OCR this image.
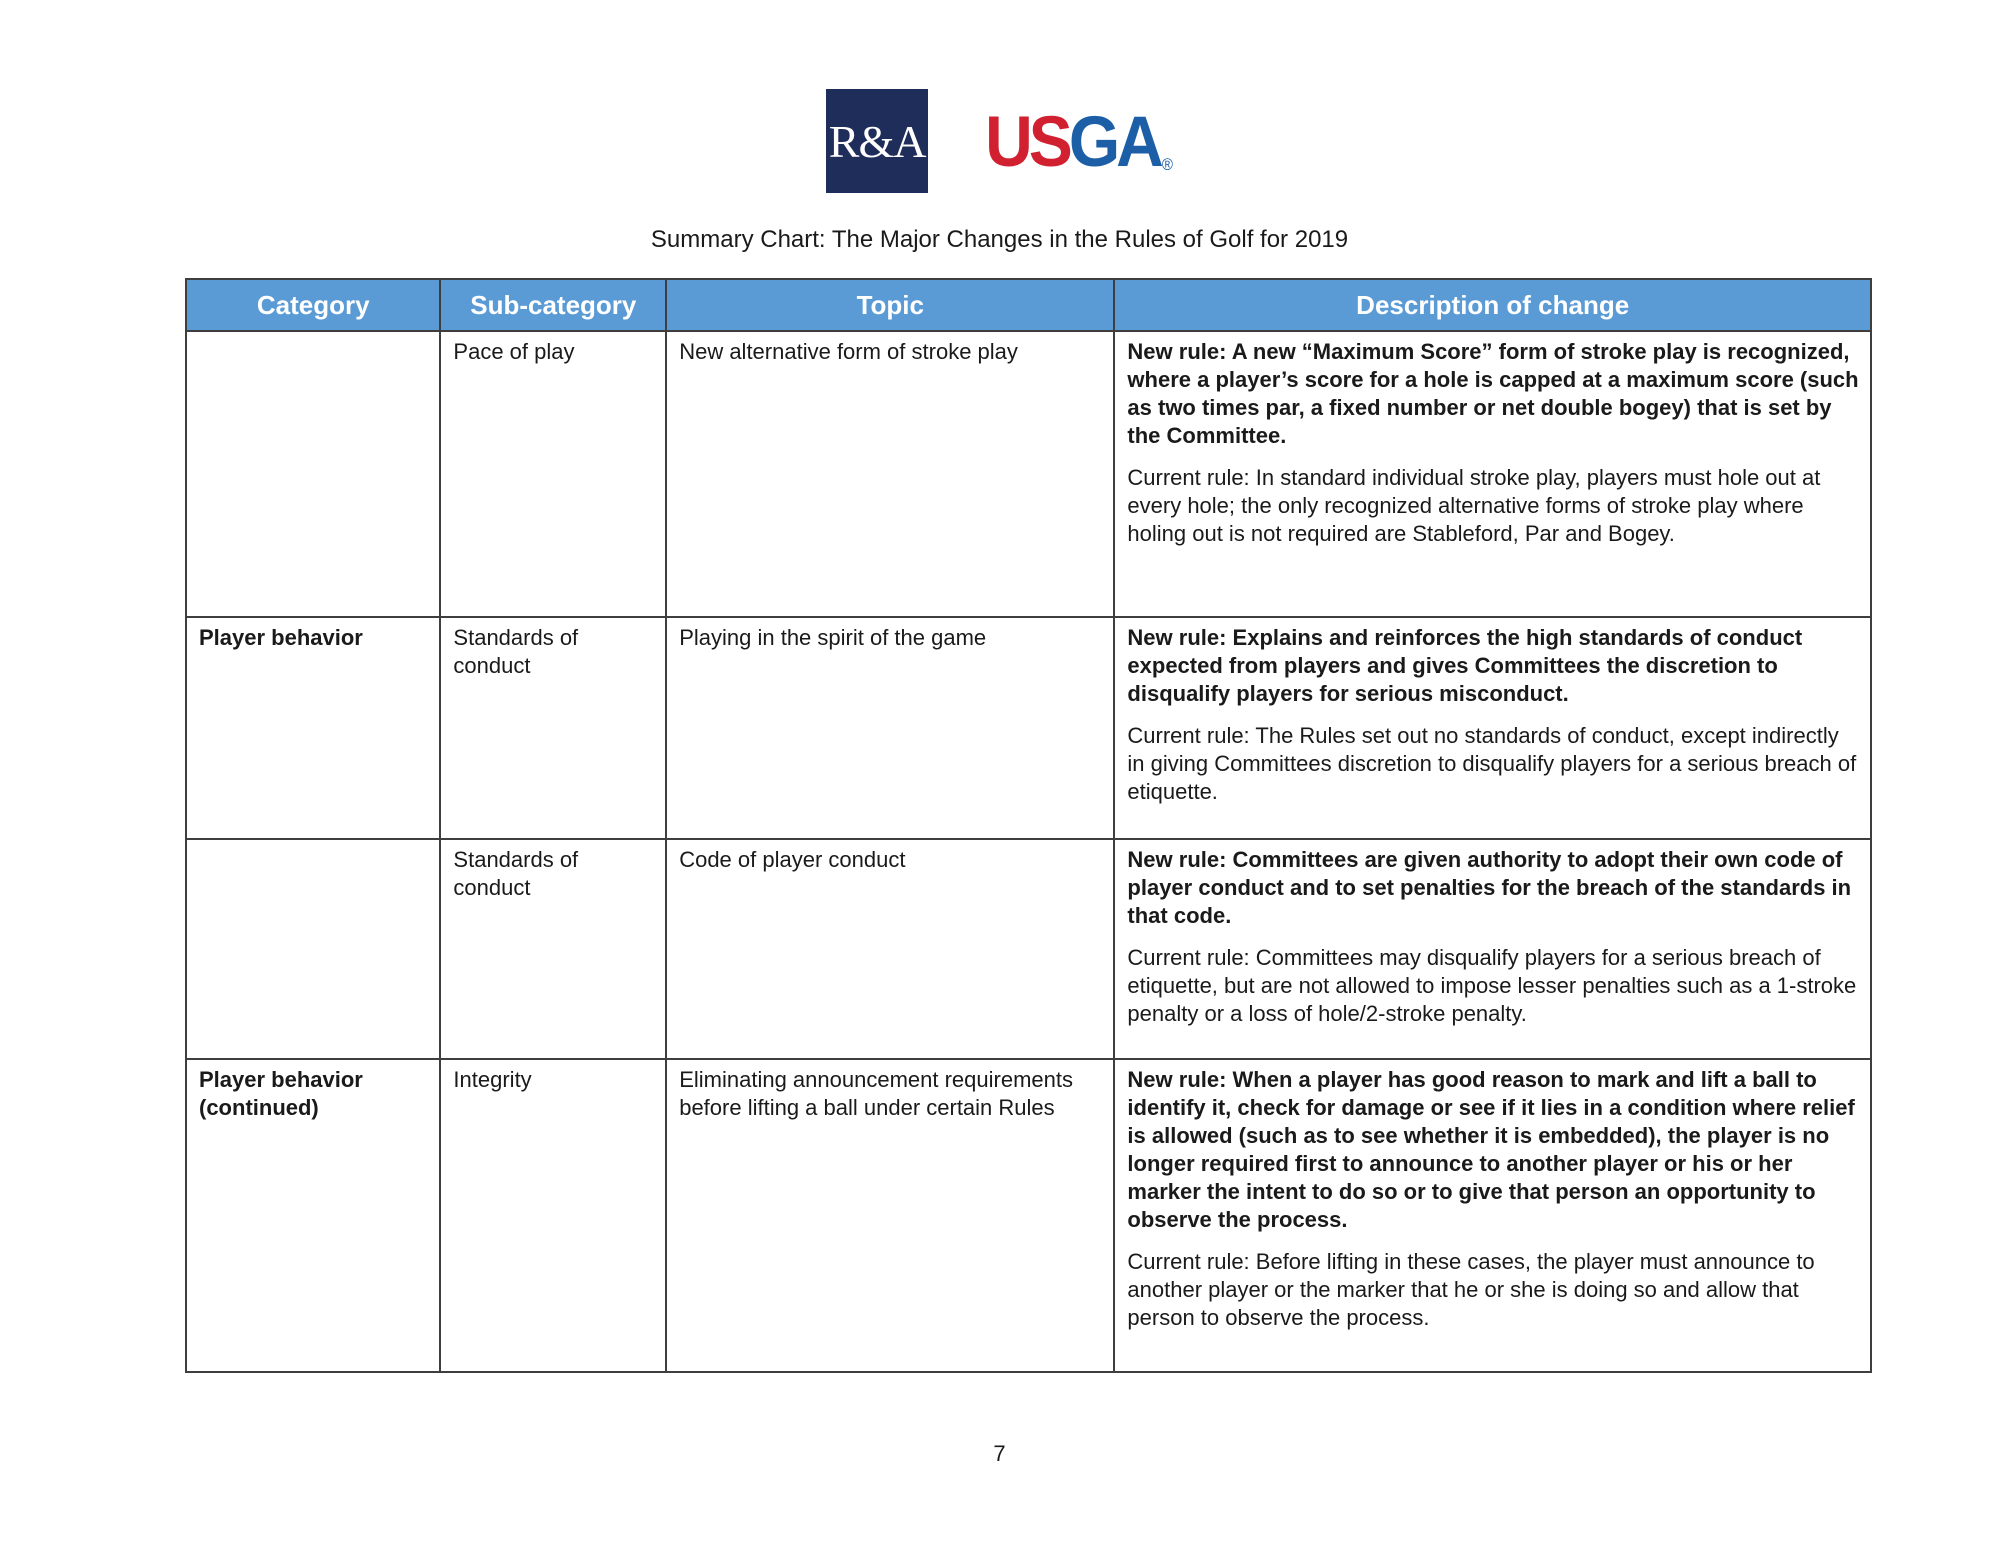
R&A USGA ®
Summary Chart: The Major Changes in the Rules of Golf for 2019
Category	Sub-category	Topic	Description of change
	Pace of play	New alternative form of stroke play	New rule: A new “Maximum Score” form of stroke play is recognized, where a player’s score for a hole is capped at a maximum score (such as two times par, a fixed number or net double bogey) that is set by the Committee.
Current rule: In standard individual stroke play, players must hole out at every hole; the only recognized alternative forms of stroke play where holing out is not required are Stableford, Par and Bogey.

Player behavior	Standards of conduct	Playing in the spirit of the game	New rule: Explains and reinforces the high standards of conduct expected from players and gives Committees the discretion to disqualify players for serious misconduct.
Current rule: The Rules set out no standards of conduct, except indirectly in giving Committees discretion to disqualify players for a serious breach of etiquette.

	Standards of conduct	Code of player conduct	New rule: Committees are given authority to adopt their own code of player conduct and to set penalties for the breach of the standards in that code.
Current rule: Committees may disqualify players for a serious breach of etiquette, but are not allowed to impose lesser penalties such as a 1-stroke penalty or a loss of hole/2-stroke penalty.

Player behavior (continued)	Integrity	Eliminating announcement requirements before lifting a ball under certain Rules	New rule: When a player has good reason to mark and lift a ball to identify it, check for damage or see if it lies in a condition where relief is allowed (such as to see whether it is embedded), the player is no longer required first to announce to another player or his or her marker the intent to do so or to give that person an opportunity to observe the process.
Current rule: Before lifting in these cases, the player must announce to another player or the marker that he or she is doing so and allow that person to observe the process.
7
